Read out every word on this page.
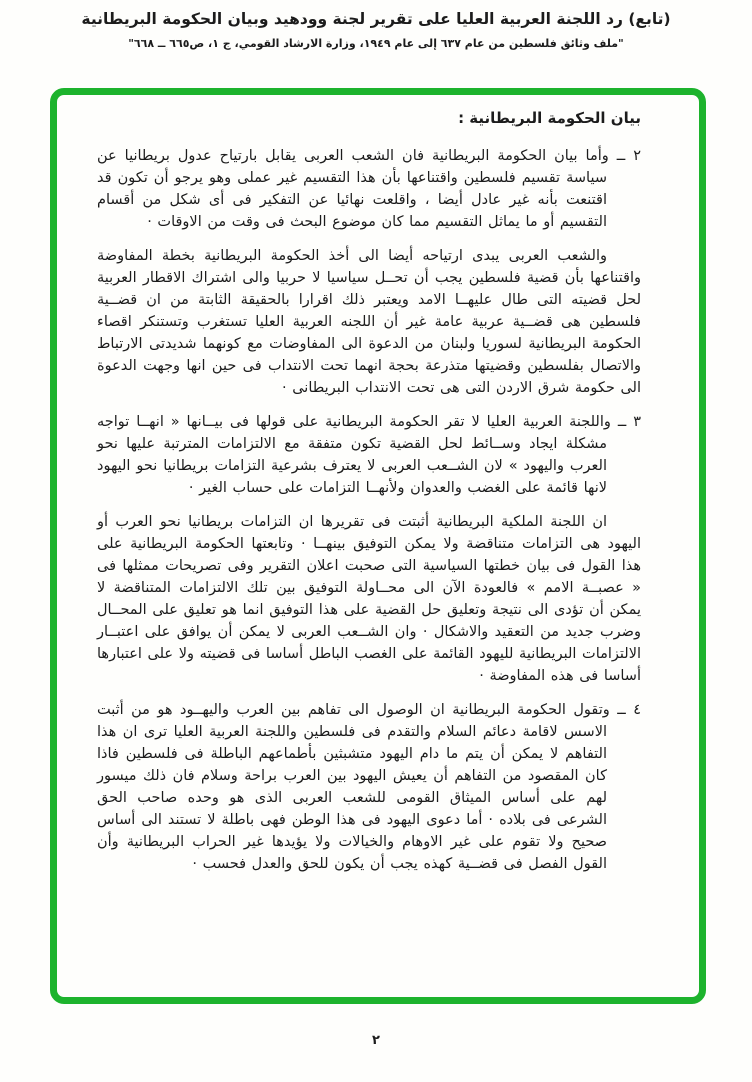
(تابع) رد اللجنة العربية العليا على تقرير لجنة وودهيد وبيان الحكومة البريطانية
"ملف وثائق فلسطين من عام ٦٣٧ إلى عام ١٩٤٩، وزارة الارشاد القومي، ج ١، ص٦٦٥ ــ ٦٦٨"
بيان الحكومة البريطانية :

٢ ــ وأما بيان الحكومة البريطانية فان الشعب العربى يقابل بارتياح عدول بريطانيا عن سياسة تقسيم فلسطين واقتناعها بأن هذا التقسيم غير عملى وهو يرجو أن تكون قد اقتنعت بأنه غير عادل أيضا ، واقلعت نهائيا عن التفكير فى أى شكل من أقسام التقسيم أو ما يماثل التقسيم مما كان موضوع البحث فى وقت من الاوقات ·

والشعب العربى يبدى ارتياحه أيضا الى أخذ الحكومة البريطانية بخطة المفاوضة واقتناعها بأن قضية فلسطين يجب أن تحــل سياسيا لا حربيا والى اشتراك الاقطار العربية لحل قضيته التى طال عليهــا الامد ويعتبر ذلك اقرارا بالحقيقة الثابتة من ان قضــية فلسطين هى قضــية عربية عامة غير أن اللجنه العربية العليا تستغرب وتستنكر اقصاء الحكومة البريطانية لسوريا ولبنان من الدعوة الى المفاوضات مع كونهما شديدتى الارتباط والاتصال بفلسطين وقضيتها متذرعة بحجة انهما تحت الانتداب فى حين انها وجهت الدعوة الى حكومة شرق الاردن التى هى تحت الانتداب البريطانى ·

٣ ــ واللجنة العربية العليا لا تقر الحكومة البريطانية على قولها فى بيــانها « انهــا تواجه مشكلة ايجاد وســائط لحل القضية تكون متفقة مع الالتزامات المترتبة عليها نحو العرب واليهود » لان الشــعب العربى لا يعترف بشرعية التزامات بريطانيا نحو اليهود لانها قائمة على الغضب والعدوان ولأنهــا التزامات على حساب الغير ·

ان اللجنة الملكية البريطانية أثبتت فى تقريرها ان التزامات بريطانيا نحو العرب أو اليهود هى التزامات متناقضة ولا يمكن التوفيق بينهــا · وتابعتها الحكومة البريطانية على هذا القول فى بيان خطتها السياسية التى صحبت اعلان التقرير وفى تصريحات ممثلها فى « عصبــة الامم » فالعودة الآن الى محــاولة التوفيق بين تلك الالتزامات المتناقضة لا يمكن أن تؤدى الى نتيجة وتعليق حل القضية على هذا التوفيق انما هو تعليق على المحــال وضرب جديد من التعقيد والاشكال · وان الشــعب العربى لا يمكن أن يوافق على اعتبــار الالتزامات البريطانية لليهود القائمة على الغصب الباطل أساسا فى قضيته ولا على اعتبارها أساسا فى هذه المفاوضة ·

٤ ــ وتقول الحكومة البريطانية ان الوصول الى تفاهم بين العرب واليهــود هو من أثبت الاسس لاقامة دعائم السلام والتقدم فى فلسطين واللجنة العربية العليا ترى ان هذا التفاهم لا يمكن أن يتم ما دام اليهود متشبثين بأطماعهم الباطلة فى فلسطين فاذا كان المقصود من التفاهم أن يعيش اليهود بين العرب براحة وسلام فان ذلك ميسور لهم على أساس الميثاق القومى للشعب العربى الذى هو وحده صاحب الحق الشرعى فى بلاده · أما دعوى اليهود فى هذا الوطن فهى باطلة لا تستند الى أساس صحيح ولا تقوم على غير الاوهام والخيالات ولا يؤيدها غير الحراب البريطانية وأن القول الفصل فى قضــية كهذه يجب أن يكون للحق والعدل فحسب ·

٢
